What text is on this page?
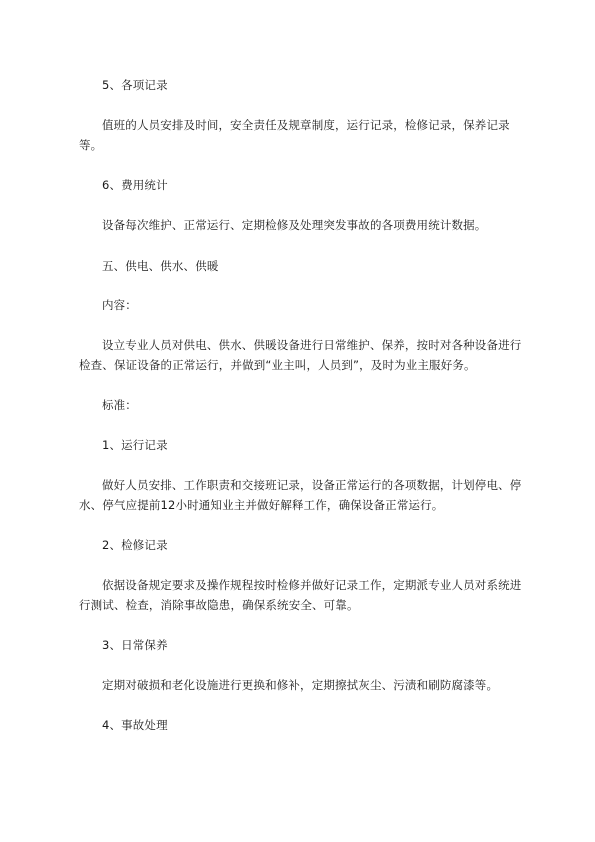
5、各项记录

值班的人员安排及时间，安全责任及规章制度，运行记录，检修记录，保养记录等。

6、费用统计

设备每次维护、正常运行、定期检修及处理突发事故的各项费用统计数据。

五、供电、供水、供暖

内容：

设立专业人员对供电、供水、供暖设备进行日常维护、保养，按时对各种设备进行检查、保证设备的正常运行，并做到“业主叫，人员到”，及时为业主服好务。

标准：

1、运行记录

做好人员安排、工作职责和交接班记录，设备正常运行的各项数据，计划停电、停水、停气应提前12小时通知业主并做好解释工作，确保设备正常运行。

2、检修记录

依据设备规定要求及操作规程按时检修并做好记录工作，定期派专业人员对系统进行测试、检查，消除事故隐患，确保系统安全、可靠。

3、日常保养

定期对破损和老化设施进行更换和修补，定期擦拭灰尘、污渍和刷防腐漆等。

4、事故处理
